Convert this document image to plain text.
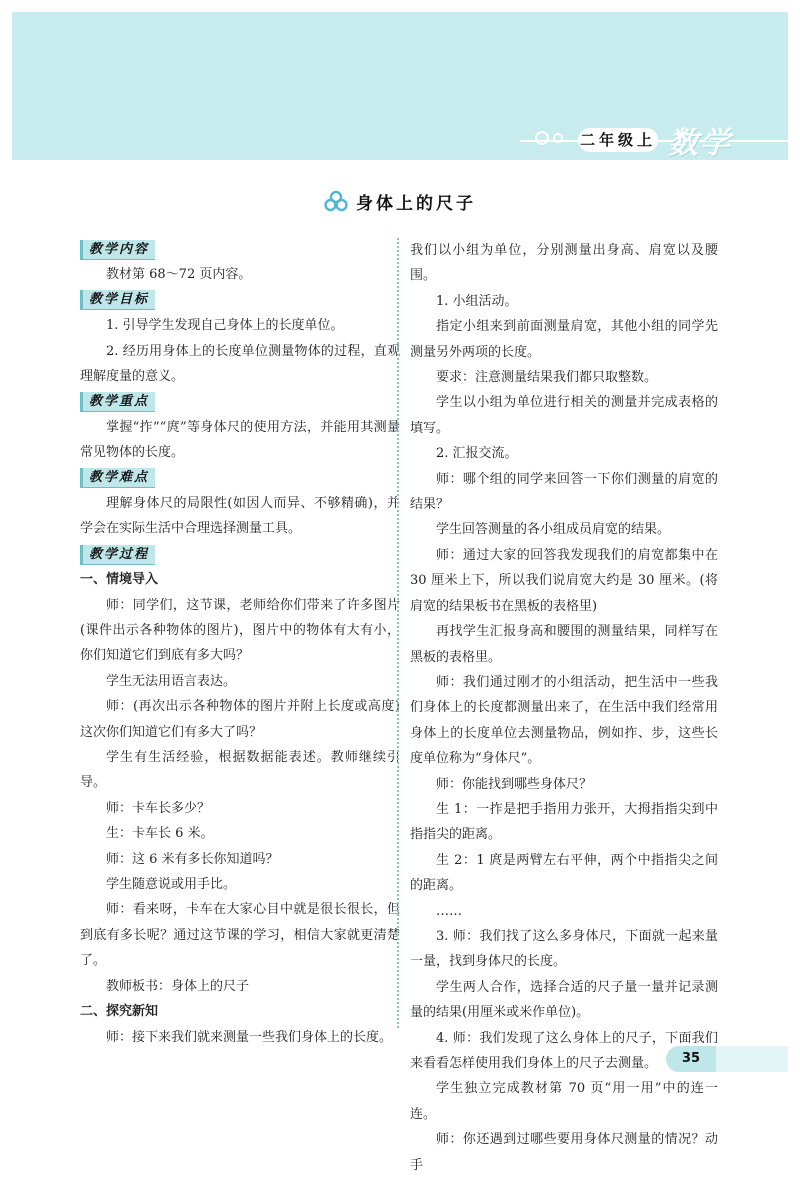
二年级上 数学
身体上的尺子
教学内容

教材第 68～72 页内容。

教学目标

1. 引导学生发现自己身体上的长度单位。

2. 经历用身体上的长度单位测量物体的过程，直观理解度量的意义。

教学重点

掌握“拃”“庹”等身体尺的使用方法，并能用其测量常见物体的长度。

教学难点

理解身体尺的局限性(如因人而异、不够精确)，并学会在实际生活中合理选择测量工具。

教学过程

一、情境导入

师：同学们，这节课，老师给你们带来了许多图片(课件出示各种物体的图片)，图片中的物体有大有小，你们知道它们到底有多大吗？

学生无法用语言表达。

师：(再次出示各种物体的图片并附上长度或高度)这次你们知道它们有多大了吗？

学生有生活经验，根据数据能表述。教师继续引导。

师：卡车长多少？

生：卡车长 6 米。

师：这 6 米有多长你知道吗？

学生随意说或用手比。

师：看来呀，卡车在大家心目中就是很长很长，但到底有多长呢？通过这节课的学习，相信大家就更清楚了。

教师板书：身体上的尺子

二、探究新知

师：接下来我们就来测量一些我们身体上的长度。

我们以小组为单位，分别测量出身高、肩宽以及腰围。

1. 小组活动。

指定小组来到前面测量肩宽，其他小组的同学先测量另外两项的长度。

要求：注意测量结果我们都只取整数。

学生以小组为单位进行相关的测量并完成表格的填写。

2. 汇报交流。

师：哪个组的同学来回答一下你们测量的肩宽的结果？

学生回答测量的各小组成员肩宽的结果。

师：通过大家的回答我发现我们的肩宽都集中在 30 厘米上下，所以我们说肩宽大约是 30 厘米。(将肩宽的结果板书在黑板的表格里)

再找学生汇报身高和腰围的测量结果，同样写在黑板的表格里。

师：我们通过刚才的小组活动，把生活中一些我们身体上的长度都测量出来了，在生活中我们经常用身体上的长度单位去测量物品，例如拃、步，这些长度单位称为“身体尺”。

师：你能找到哪些身体尺？

生 1：一拃是把手指用力张开，大拇指指尖到中指指尖的距离。

生 2：1 庹是两臂左右平伸，两个中指指尖之间的距离。

……

3. 师：我们找了这么多身体尺，下面就一起来量一量，找到身体尺的长度。

学生两人合作，选择合适的尺子量一量并记录测量的结果(用厘米或米作单位)。

4. 师：我们发现了这么身体上的尺子，下面我们来看看怎样使用我们身体上的尺子去测量。

学生独立完成教材第 70 页“用一用”中的连一连。

师：你还遇到过哪些要用身体尺测量的情况？动手

35
